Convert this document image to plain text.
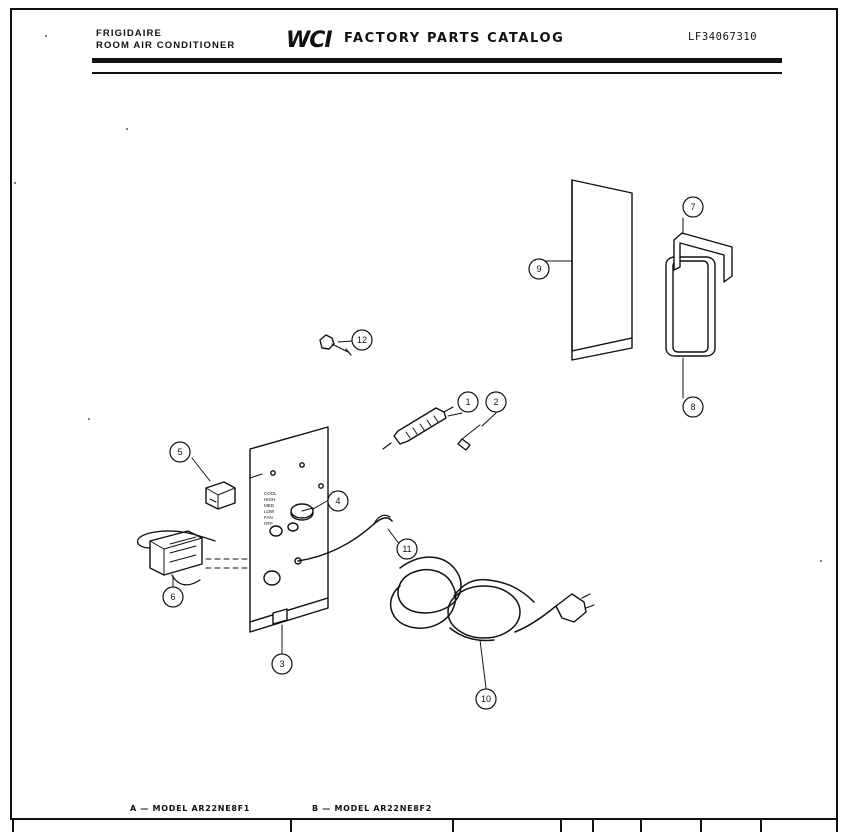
FRIGIDAIRE
ROOM AIR CONDITIONER WCI FACTORY PARTS CATALOG	LF34067310
COOL
HIGH
MED
LOW
FAN
OFF
1	2
3
4
5
6
7
8
9
10
11
12
A — MODEL AR22NE8F1	B — MODEL AR22NE8F2
